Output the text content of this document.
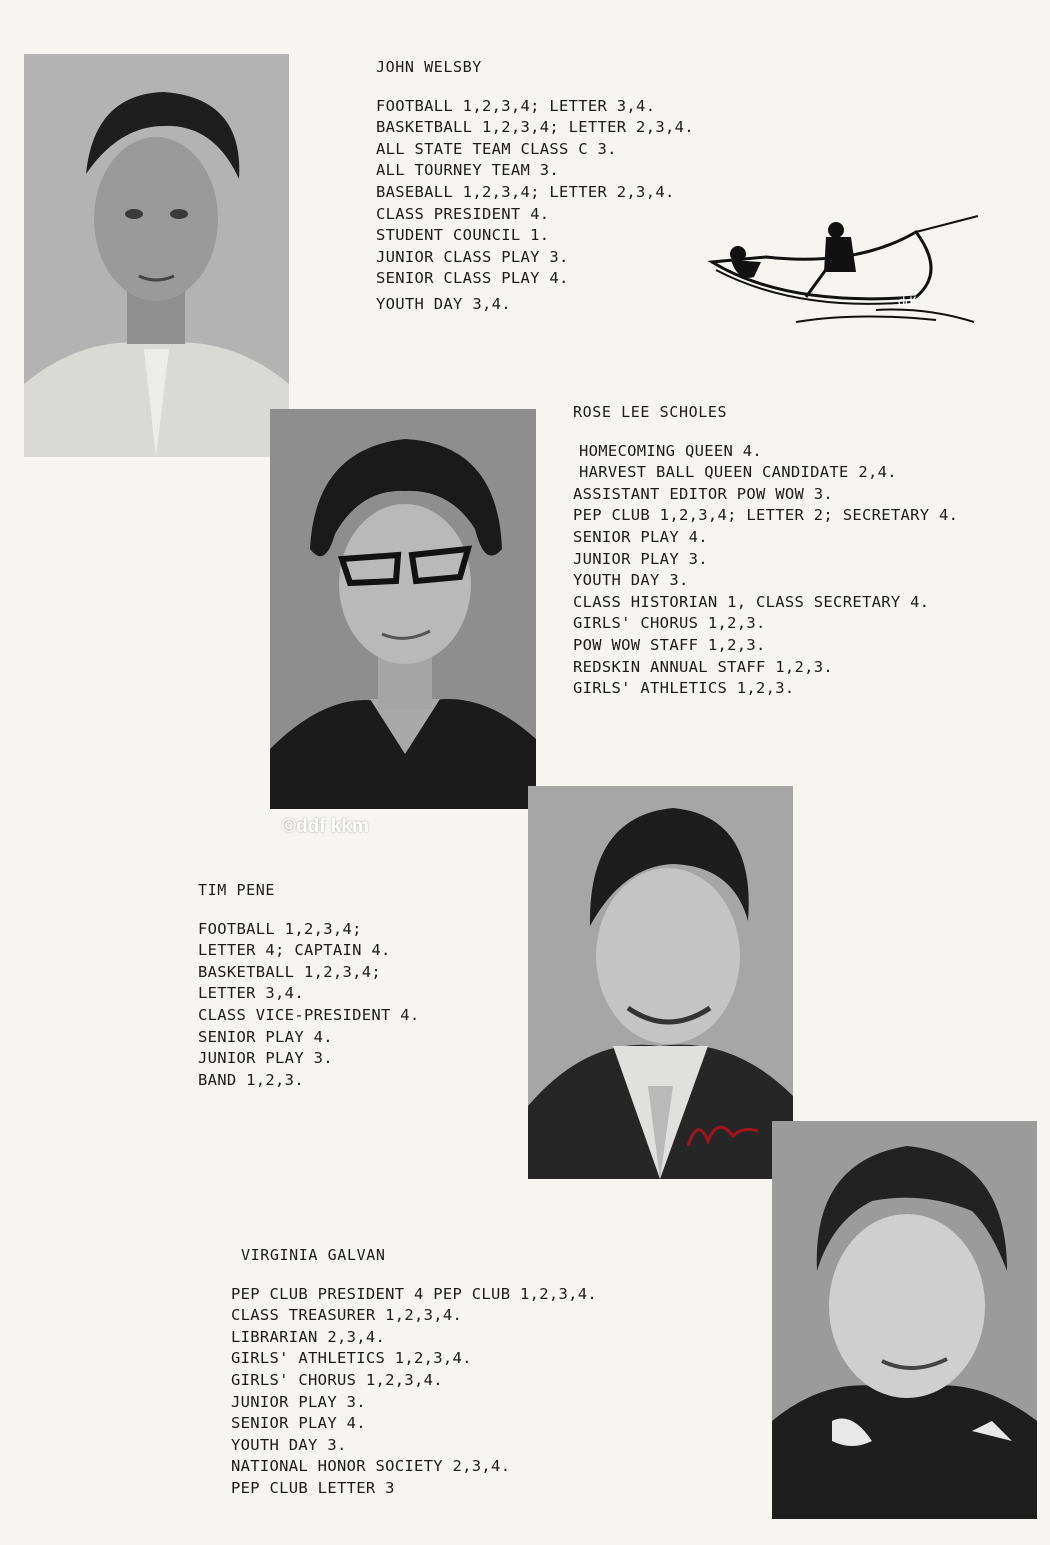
ddf
JOHN WELSBY
FOOTBALL 1,2,3,4; LETTER 3,4.
BASKETBALL 1,2,3,4; LETTER 2,3,4.
ALL STATE TEAM CLASS C 3.
ALL TOURNEY TEAM 3.
BASEBALL 1,2,3,4; LETTER 2,3,4.
CLASS PRESIDENT 4.
STUDENT COUNCIL 1.
JUNIOR CLASS PLAY 3.
SENIOR CLASS PLAY 4.
YOUTH DAY 3,4.
ROSE LEE SCHOLES
HOMECOMING QUEEN 4.
HARVEST BALL QUEEN CANDIDATE 2,4.
ASSISTANT EDITOR POW WOW 3.
PEP CLUB 1,2,3,4; LETTER 2; SECRETARY 4.
SENIOR PLAY 4.
JUNIOR PLAY 3.
YOUTH DAY 3.
CLASS HISTORIAN 1, CLASS SECRETARY 4.
GIRLS' CHORUS 1,2,3.
POW WOW STAFF 1,2,3.
REDSKIN ANNUAL STAFF 1,2,3.
GIRLS' ATHLETICS 1,2,3.
©ddf kkm
TIM PENE
FOOTBALL 1,2,3,4;
LETTER 4; CAPTAIN 4.
BASKETBALL 1,2,3,4;
LETTER 3,4.
CLASS VICE-PRESIDENT 4.
SENIOR PLAY 4.
JUNIOR PLAY 3.
BAND 1,2,3.
VIRGINIA GALVAN
PEP CLUB PRESIDENT 4 PEP CLUB 1,2,3,4.
CLASS TREASURER 1,2,3,4.
LIBRARIAN 2,3,4.
GIRLS' ATHLETICS 1,2,3,4.
GIRLS' CHORUS 1,2,3,4.
JUNIOR PLAY 3.
SENIOR PLAY 4.
YOUTH DAY 3.
NATIONAL HONOR SOCIETY 2,3,4.
PEP CLUB LETTER 3
